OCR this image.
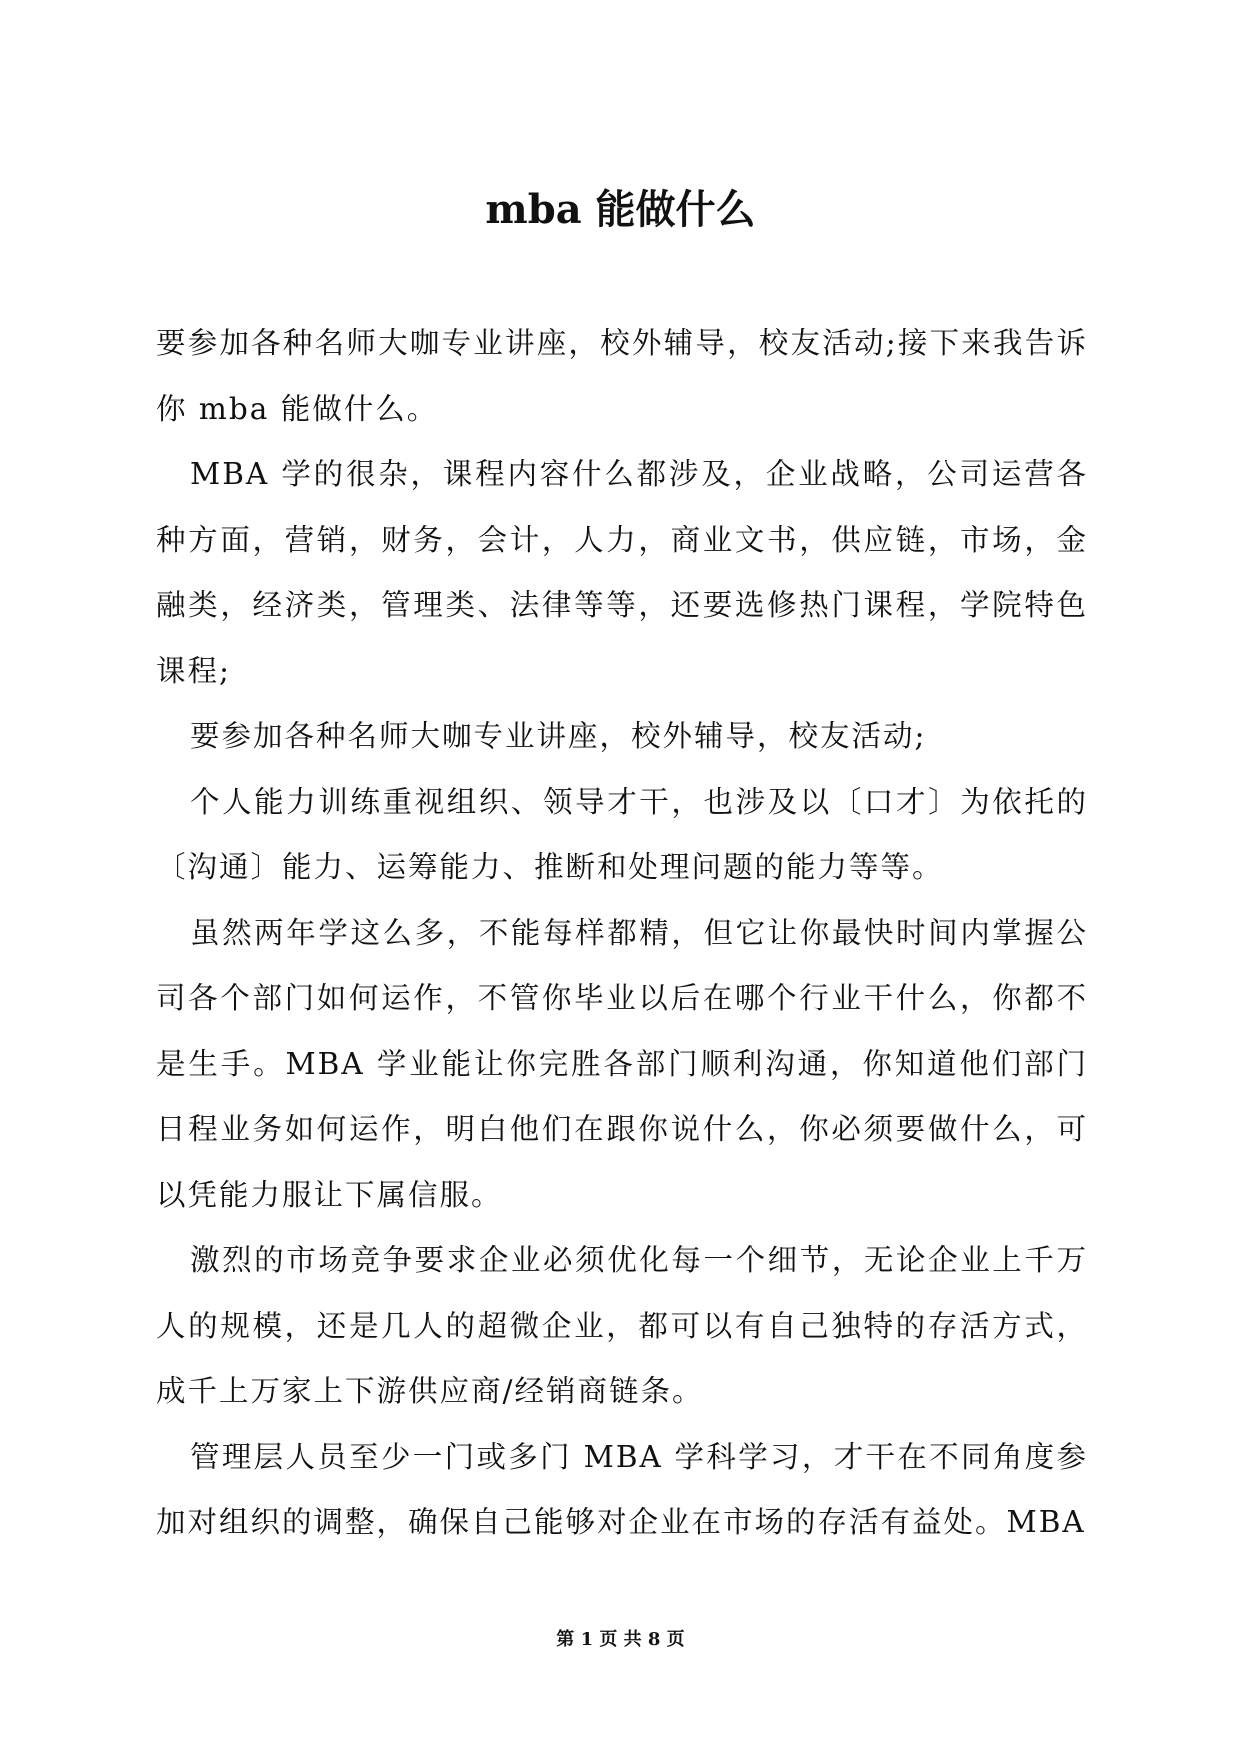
mba 能做什么

要参加各种名师大咖专业讲座，校外辅导，校友活动;接下来我告诉你 mba 能做什么。

MBA 学的很杂，课程内容什么都涉及，企业战略，公司运营各种方面，营销，财务，会计，人力，商业文书，供应链，市场，金融类，经济类，管理类、法律等等，还要选修热门课程，学院特色课程;

要参加各种名师大咖专业讲座，校外辅导，校友活动;

个人能力训练重视组织、领导才干，也涉及以〔口才〕为依托的〔沟通〕能力、运筹能力、推断和处理问题的能力等等。

虽然两年学这么多，不能每样都精，但它让你最快时间内掌握公司各个部门如何运作，不管你毕业以后在哪个行业干什么，你都不是生手。MBA 学业能让你完胜各部门顺利沟通，你知道他们部门日程业务如何运作，明白他们在跟你说什么，你必须要做什么，可以凭能力服让下属信服。

激烈的市场竞争要求企业必须优化每一个细节，无论企业上千万人的规模，还是几人的超微企业，都可以有自己独特的存活方式，成千上万家上下游供应商/经销商链条。

管理层人员至少一门或多门 MBA 学科学习，才干在不同角度参加对组织的调整，确保自己能够对企业在市场的存活有益处。MBA

第 1 页 共 8 页
